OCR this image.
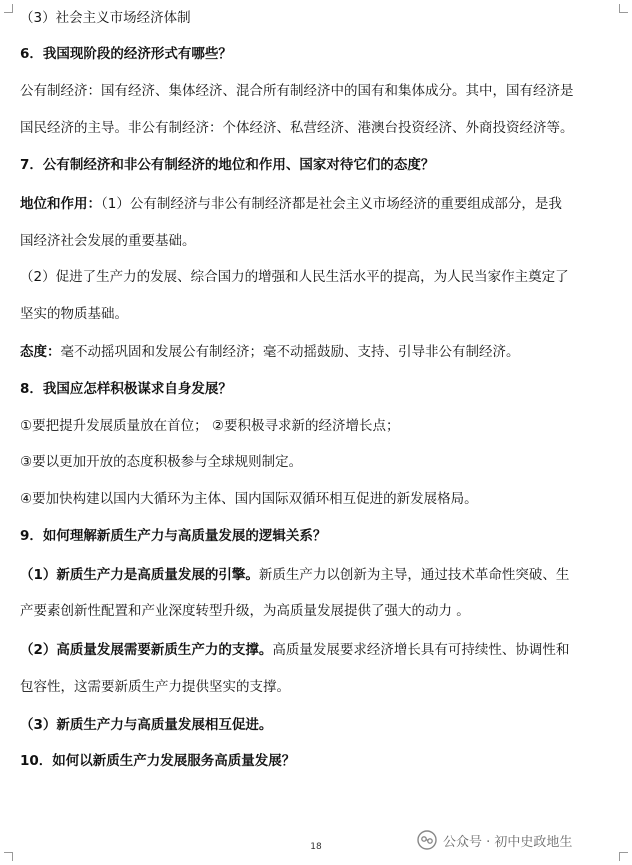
（3）社会主义市场经济体制
6．我国现阶段的经济形式有哪些？
公有制经济：国有经济、集体经济、混合所有制经济中的国有和集体成分。其中，国有经济是
国民经济的主导。非公有制经济：个体经济、私营经济、港澳台投资经济、外商投资经济等。
7．公有制经济和非公有制经济的地位和作用、国家对待它们的态度？
地位和作用：（1）公有制经济与非公有制经济都是社会主义市场经济的重要组成部分，是我
国经济社会发展的重要基础。
（2）促进了生产力的发展、综合国力的增强和人民生活水平的提高，为人民当家作主奠定了
坚实的物质基础。
态度：毫不动摇巩固和发展公有制经济；毫不动摇鼓励、支持、引导非公有制经济。
8．我国应怎样积极谋求自身发展？
①要把提升发展质量放在首位； ②要积极寻求新的经济增长点；
③要以更加开放的态度积极参与全球规则制定。
④要加快构建以国内大循环为主体、国内国际双循环相互促进的新发展格局。
9．如何理解新质生产力与高质量发展的逻辑关系？
（1）新质生产力是高质量发展的引擎。新质生产力以创新为主导，通过技术革命性突破、生
产要素创新性配置和产业深度转型升级，为高质量发展提供了强大的动力 。
（2）高质量发展需要新质生产力的支撑。高质量发展要求经济增长具有可持续性、协调性和
包容性，这需要新质生产力提供坚实的支撑。
（3）新质生产力与高质量发展相互促进。
10．如何以新质生产力发展服务高质量发展？
18	公众号 · 初中史政地生
